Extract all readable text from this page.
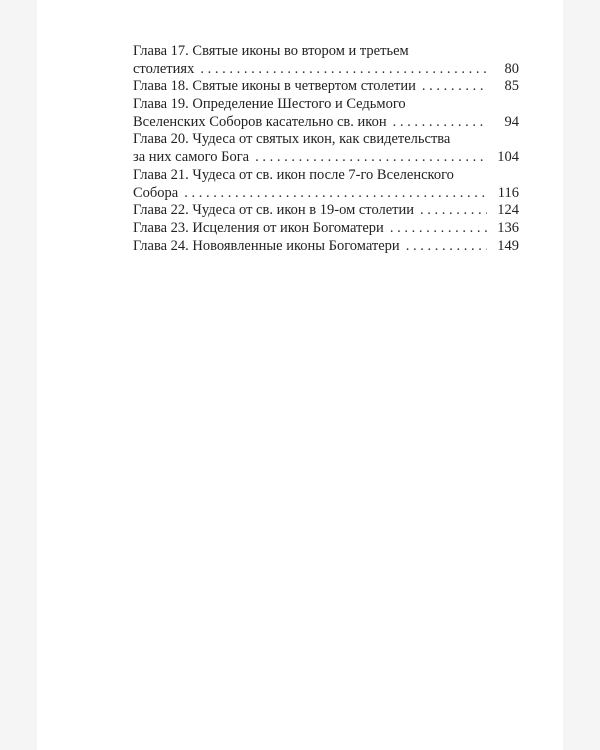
Глава 17. Святые иконы во втором и третьем
столетиях . . .	80
Глава 18. Святые иконы в четвертом столетии . . .	85
Глава 19. Определение Шестого и Седьмого
Вселенских Соборов касательно св. икон . . .	94
Глава 20. Чудеса от святых икон, как свидетельства
за них самого Бога . . .	104
Глава 21. Чудеса от св. икон после 7-го Вселенского
Собора . . .	116
Глава 22. Чудеса от св. икон в 19-ом столетии . . .	124
Глава 23. Исцеления от икон Богоматери . . .	136
Глава 24. Новоявленные иконы Богоматери . . .	149
